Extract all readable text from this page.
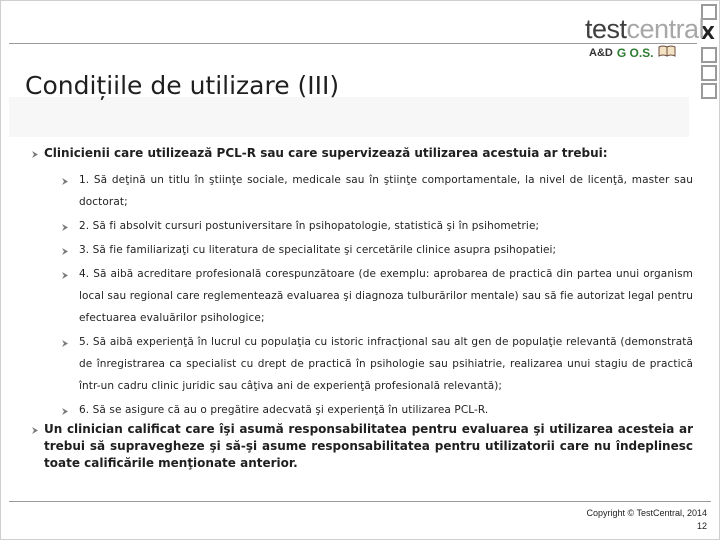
X
testcentral
A&D G O.S.
Condițiile de utilizare (III)
Clinicienii care utilizează PCL-R sau care supervizează utilizarea acestuia ar trebui:
1. Să deţină un titlu în ştiinţe sociale, medicale sau în ştiinţe comportamentale, la nivel de licenţă, master sau doctorat;
2. Să fi absolvit cursuri postuniversitare în psihopatologie, statistică şi în psihometrie;
3. Să fie familiarizaţi cu literatura de specialitate şi cercetările clinice asupra psihopatiei;
4. Să aibă acreditare profesională corespunzătoare (de exemplu: aprobarea de practică din partea unui organism local sau regional care reglementează evaluarea şi diagnoza tulburărilor mentale) sau să fie autorizat legal pentru efectuarea evaluărilor psihologice;
5. Să aibă experienţă în lucrul cu populaţia cu istoric infracţional sau alt gen de populaţie relevantă (demonstrată de înregistrarea ca specialist cu drept de practică în psihologie sau psihiatrie, realizarea unui stagiu de practică într-un cadru clinic juridic sau câţiva ani de experienţă profesională relevantă);
6. Să se asigure că au o pregătire adecvată şi experienţă în utilizarea PCL-R.
Un clinician calificat care îşi asumă responsabilitatea pentru evaluarea şi utilizarea acesteia ar trebui să supravegheze şi să-şi asume responsabilitatea pentru utilizatorii care nu îndeplinesc toate calificările menţionate anterior.
Copyright © TestCentral, 2014
12
